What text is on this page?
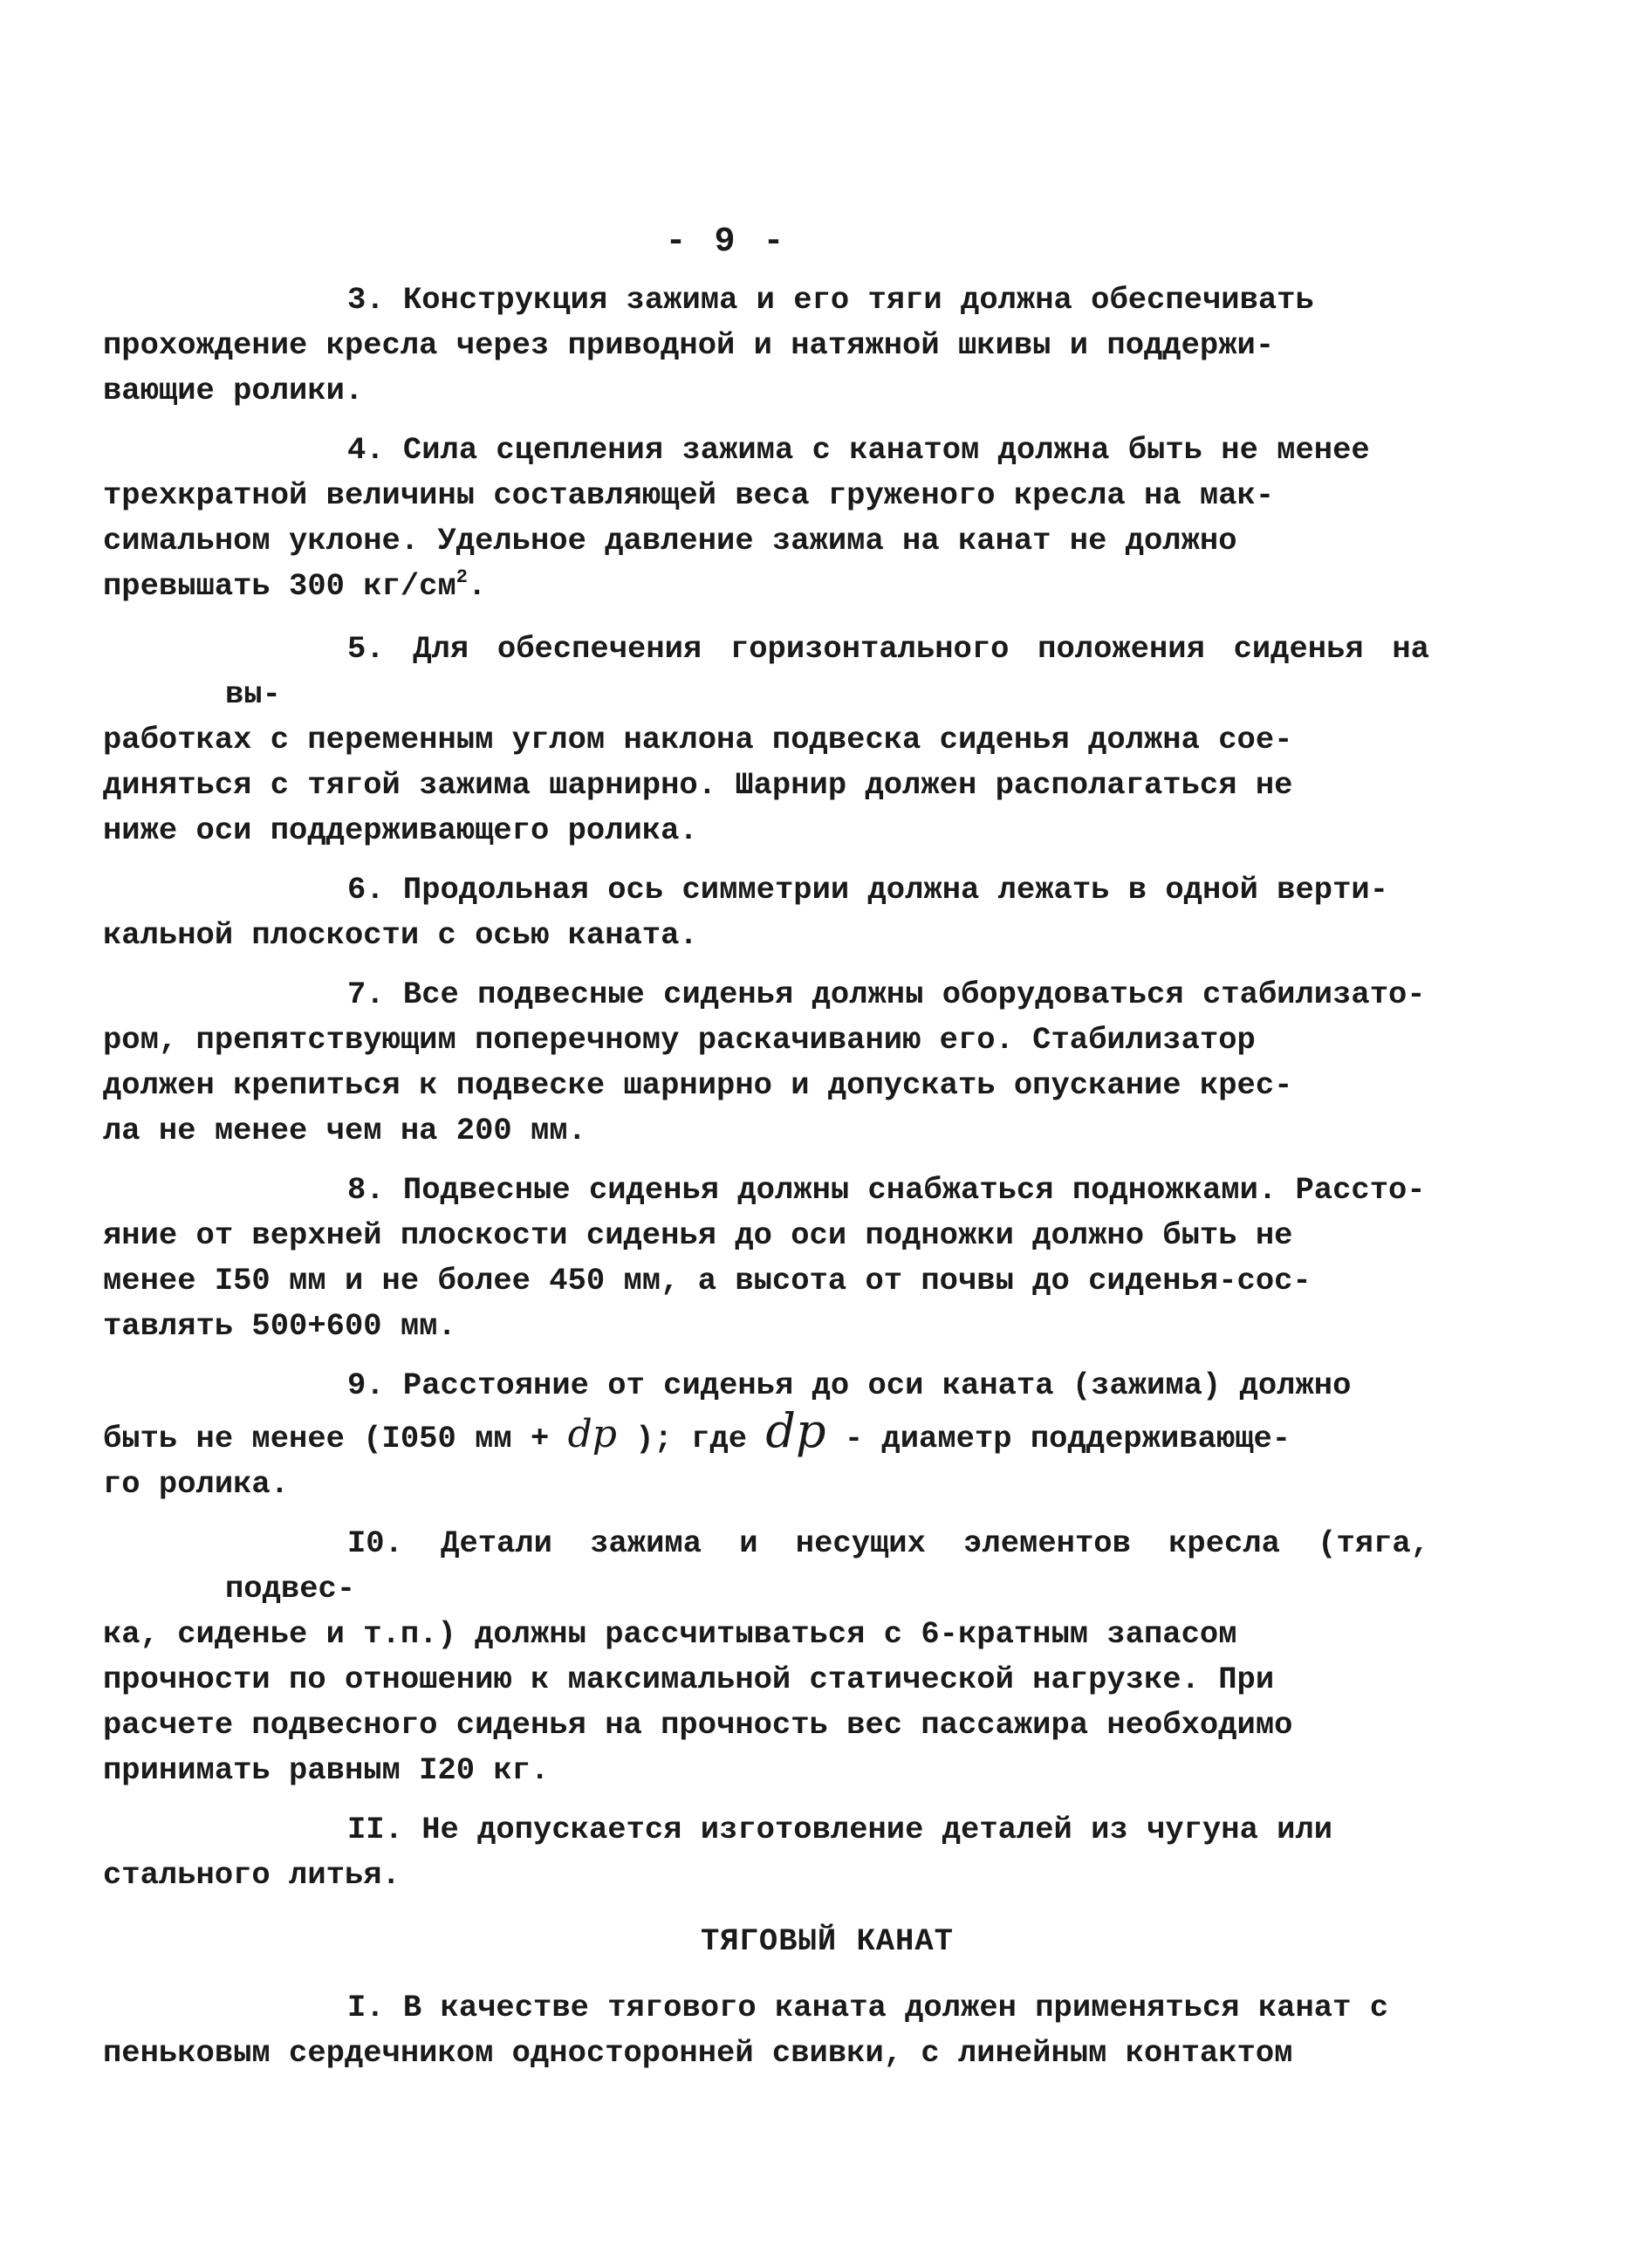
- 9 -
3. Конструкция зажима и его тяги должна обеспечивать
прохождение кресла через приводной и натяжной шкивы и поддержи-
вающие ролики.
4. Сила сцепления зажима с канатом должна быть не менее
трехкратной величины составляющей веса груженого кресла на мак-
симальном уклоне. Удельное давление зажима на канат не должно
превышать 300 $кг/см^2$.
5. Для обеспечения горизонтального положения сиденья на вы-
работках с переменным углом наклона подвеска сиденья должна сое-
диняться с тягой зажима шарнирно. Шарнир должен располагаться не
ниже оси поддерживающего ролика.
6. Продольная ось симметрии должна лежать в одной верти-
кальной плоскости с осью каната.
7. Все подвесные сиденья должны оборудоваться стабилизато-
ром, препятствующим поперечному раскачиванию его. Стабилизатор
должен крепиться к подвеске шарнирно и допускать опускание крес-
ла не менее чем на 200 мм.
8. Подвесные сиденья должны снабжаться подножками. Рассто-
яние от верхней плоскости сиденья до оси подножки должно быть не
менее I50 мм и не более 450 мм, а высота от почвы до сиденья-сос-
тавлять 500+600 мм.
9. Расстояние от сиденья до оси каната (зажима) должно
быть не менее (I050 мм + dp ); где dp - диаметр поддерживающе-
го ролика.
I0. Детали зажима и несущих элементов кресла (тяга, подвес-
ка, сиденье и т.п.) должны рассчитываться с 6-кратным запасом
прочности по отношению к максимальной статической нагрузке. При
расчете подвесного сиденья на прочность вес пассажира необходимо
принимать равным I20 кг.
II. Не допускается изготовление деталей из чугуна или
стального литья.
ТЯГОВЫЙ КАНАТ
I. В качестве тягового каната должен применяться канат с
пеньковым сердечником односторонней свивки, с линейным контактом
